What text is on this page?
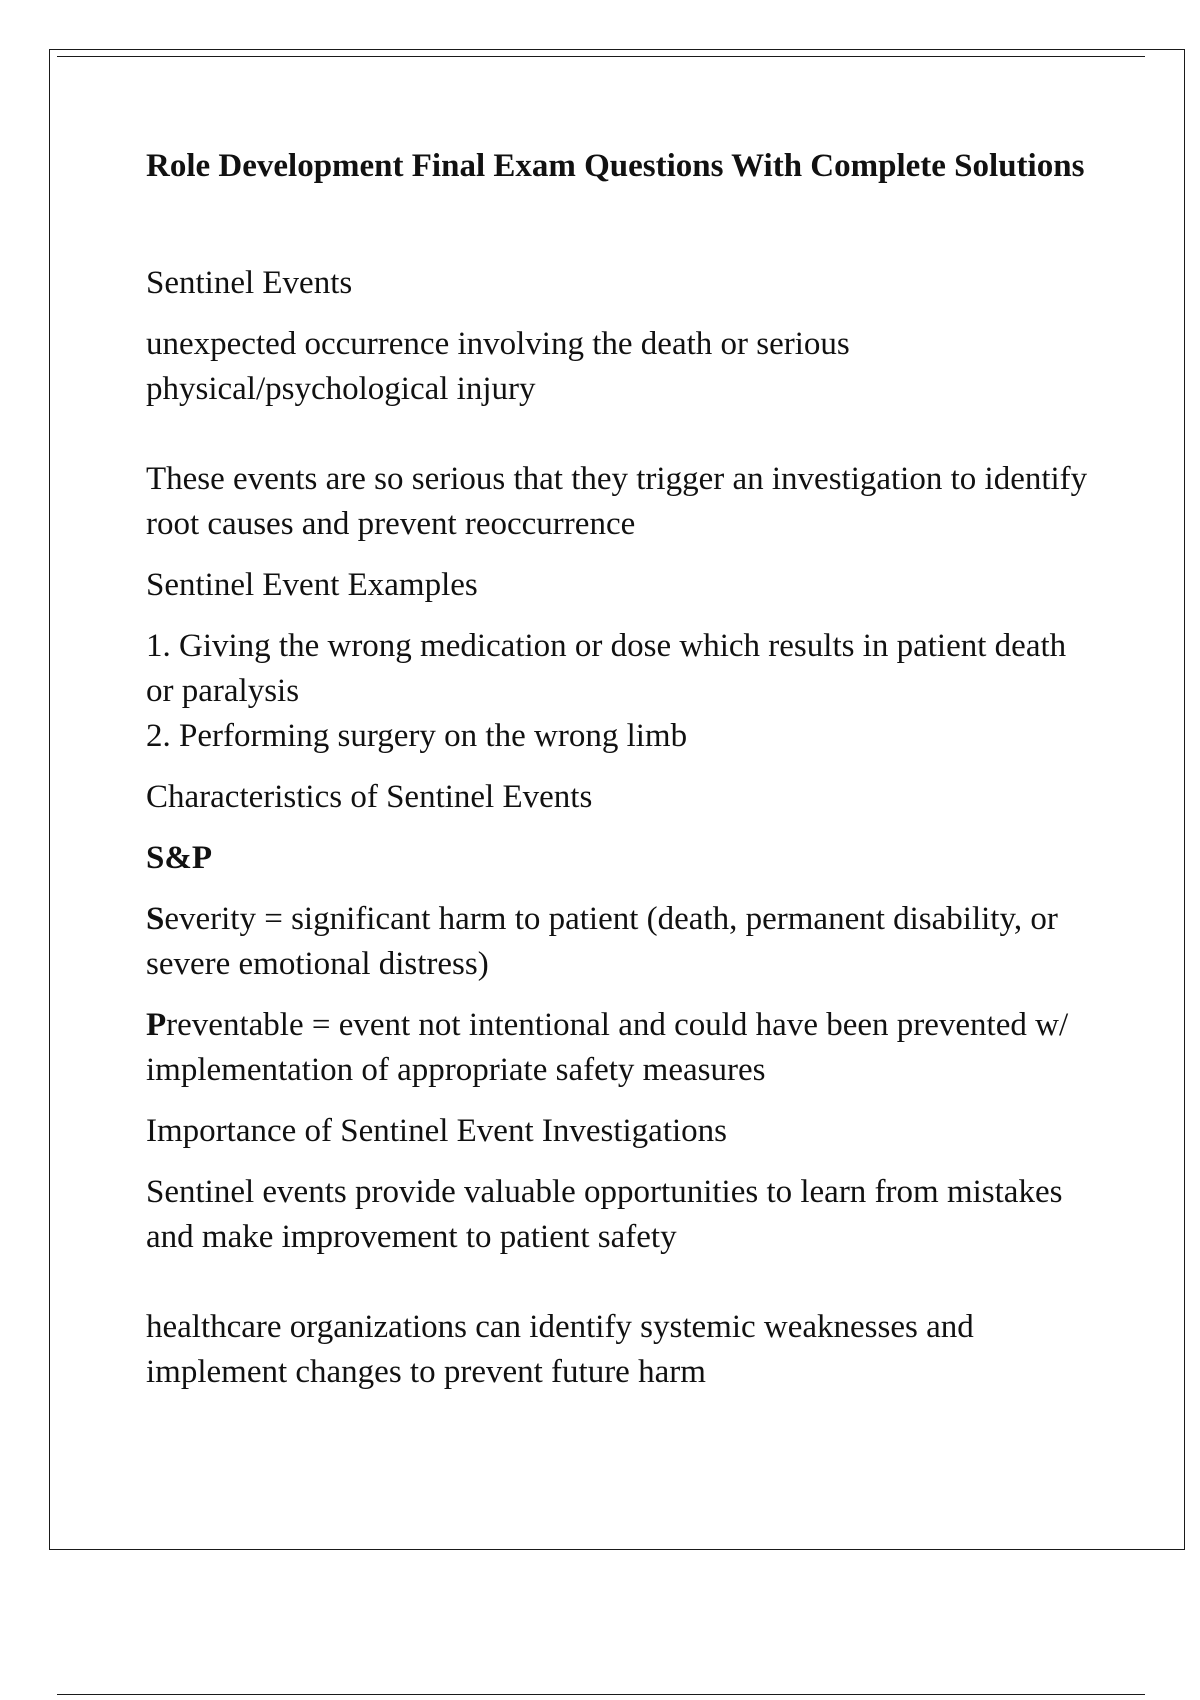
Role Development Final Exam Questions With Complete Solutions

Sentinel Events

unexpected occurrence involving the death or serious physical/psychological injury

These events are so serious that they trigger an investigation to identify root causes and prevent reoccurrence

Sentinel Event Examples

1. Giving the wrong medication or dose which results in patient death or paralysis

2. Performing surgery on the wrong limb

Characteristics of Sentinel Events

S&P

Severity = significant harm to patient (death, permanent disability, or severe emotional distress)

Preventable = event not intentional and could have been prevented w/ implementation of appropriate safety measures

Importance of Sentinel Event Investigations

Sentinel events provide valuable opportunities to learn from mistakes and make improvement to patient safety

healthcare organizations can identify systemic weaknesses and implement changes to prevent future harm
